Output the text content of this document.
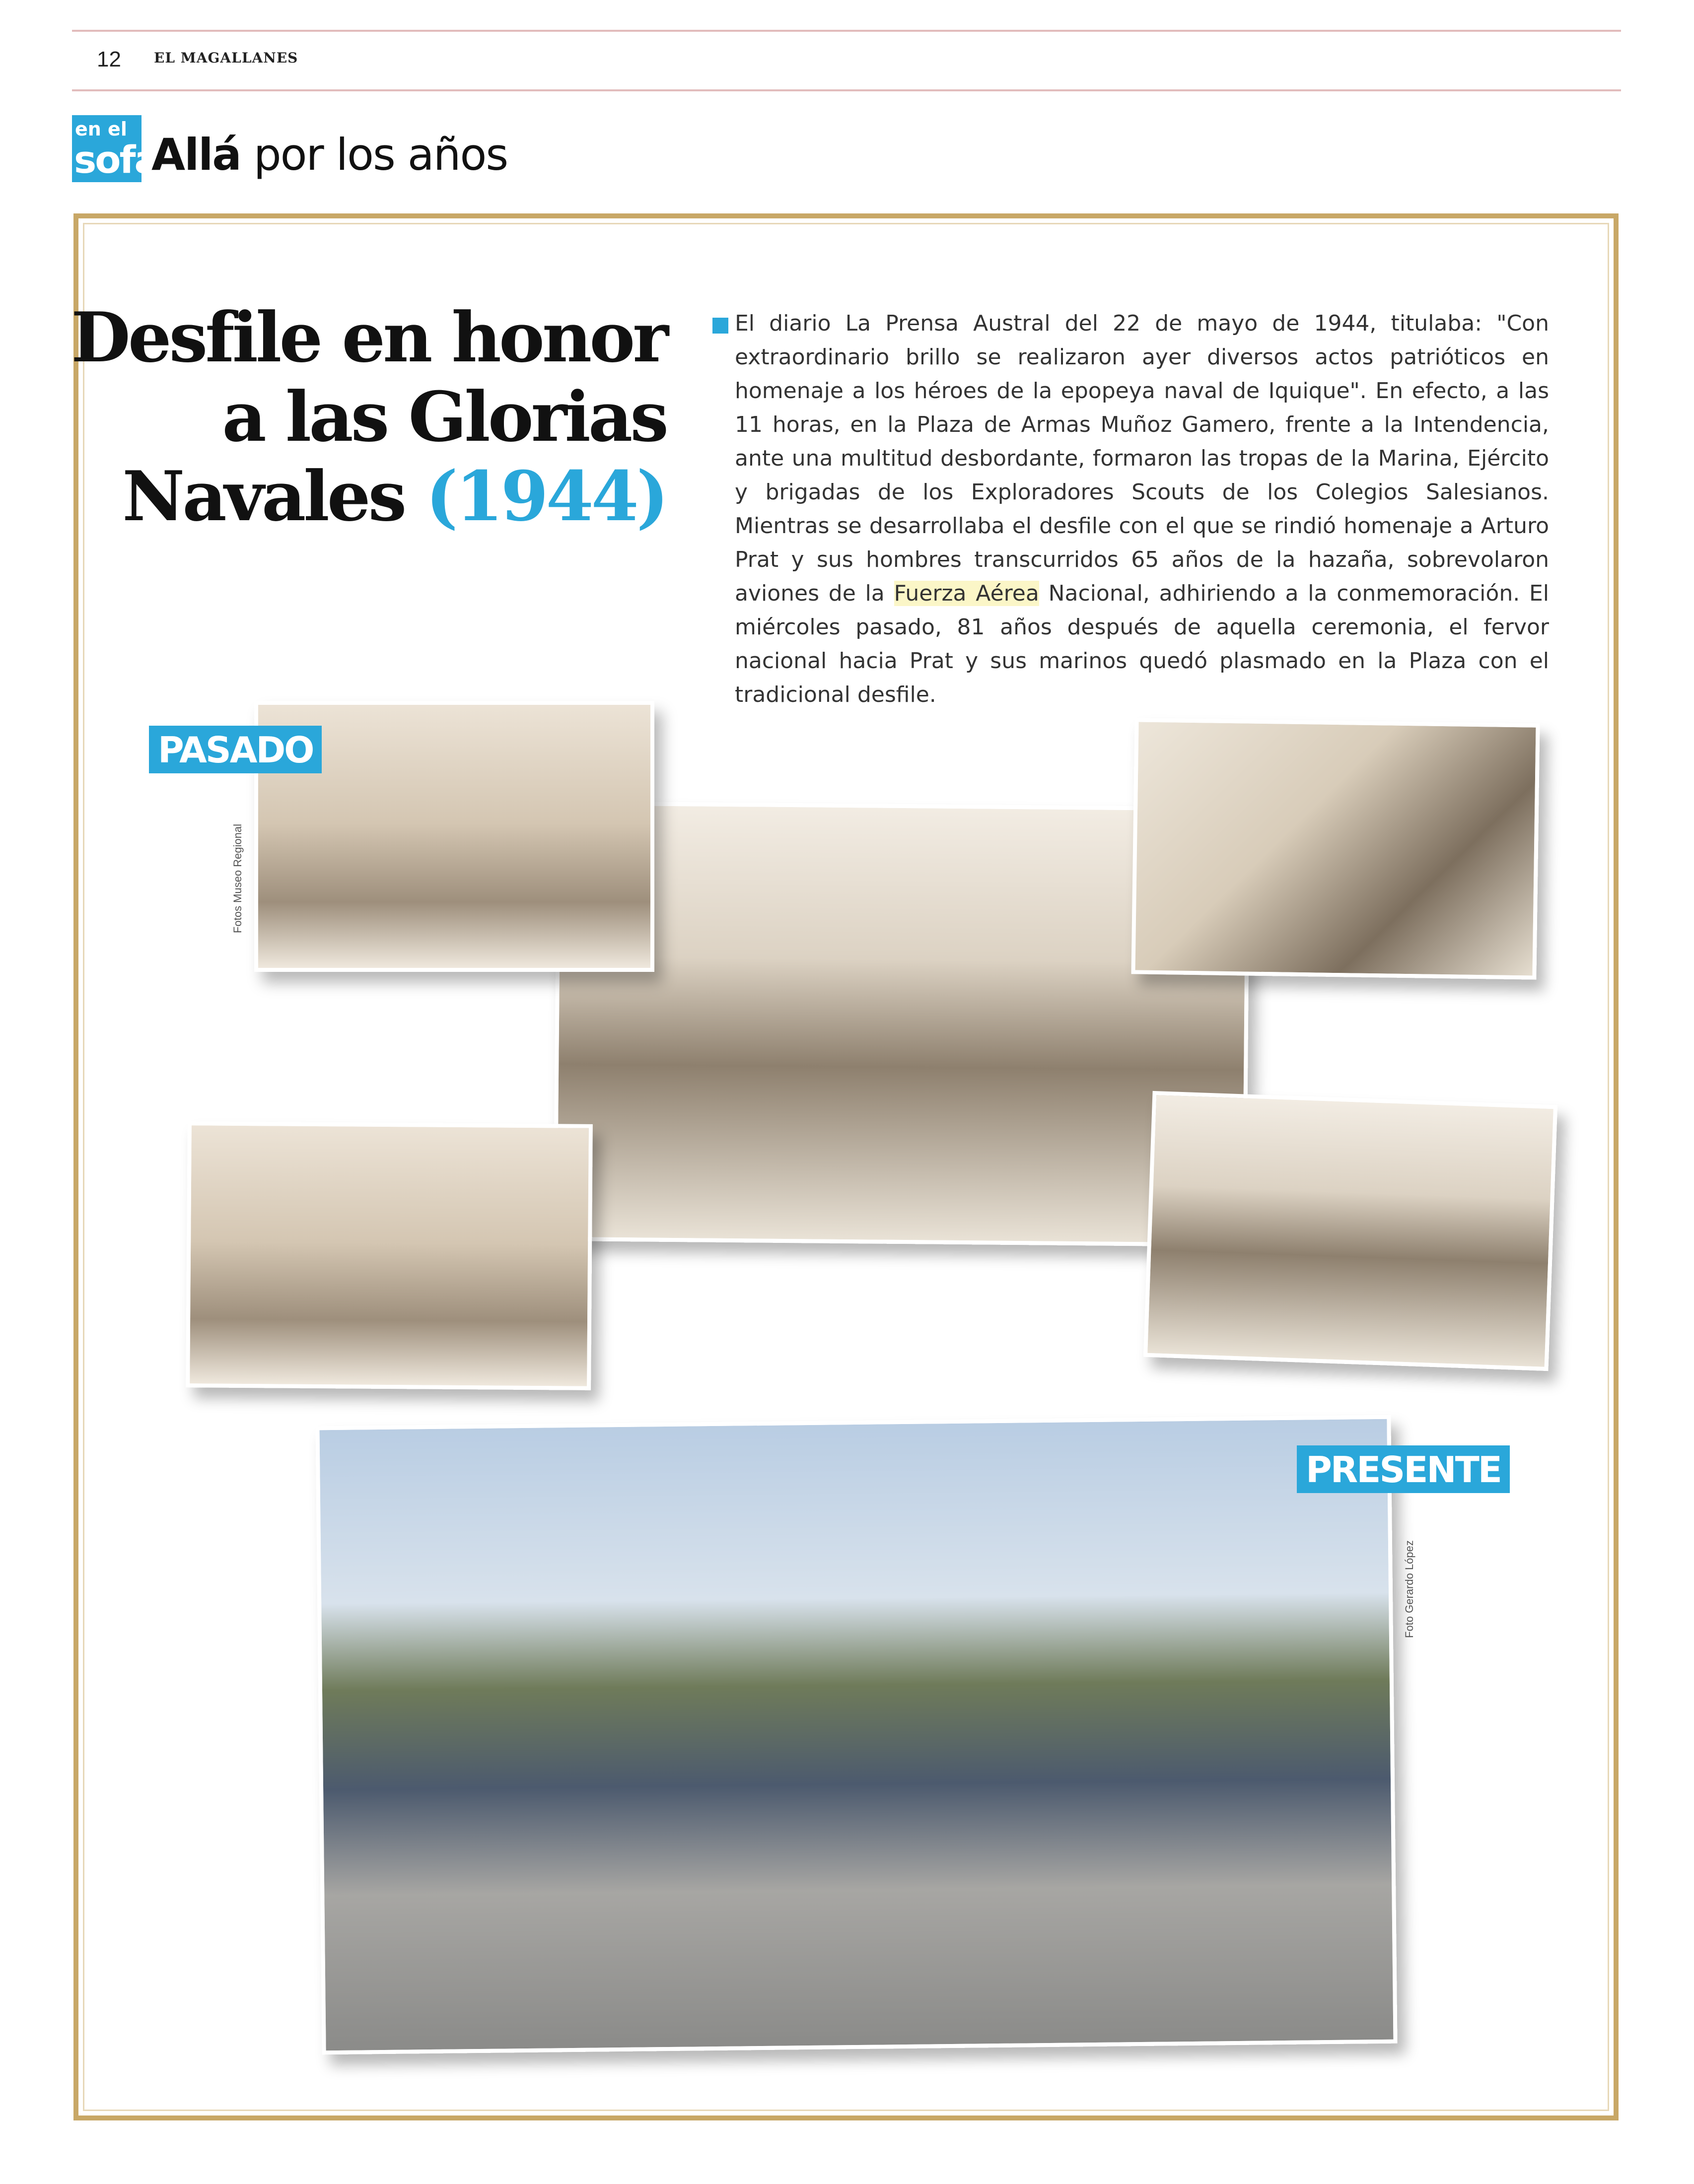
12 EL MAGALLANES
en el
sofá
Allá por los años
Desfile en honor
a las Glorias
Navales (1944)
El diario La Prensa Austral del 22 de mayo de 1944, titulaba: "Con extraordinario brillo se realizaron ayer diversos actos patrióticos en homenaje a los héroes de la epopeya naval de Iquique". En efecto, a las 11 horas, en la Plaza de Armas Muñoz Gamero, frente a la Intendencia, ante una multitud desbordante, formaron las tropas de la Marina, Ejército y brigadas de los Exploradores Scouts de los Colegios Salesianos. Mientras se desarrollaba el desfile con el que se rindió homenaje a Arturo Prat y sus hombres transcurridos 65 años de la hazaña, sobrevolaron aviones de la Fuerza Aérea Nacional, adhiriendo a la conmemoración. El miércoles pasado, 81 años después de aquella ceremonia, el fervor nacional hacia Prat y sus marinos quedó plasmado en la Plaza con el tradicional desfile.
PASADO
Fotos Museo Regional
PRESENTE
Foto Gerardo López
